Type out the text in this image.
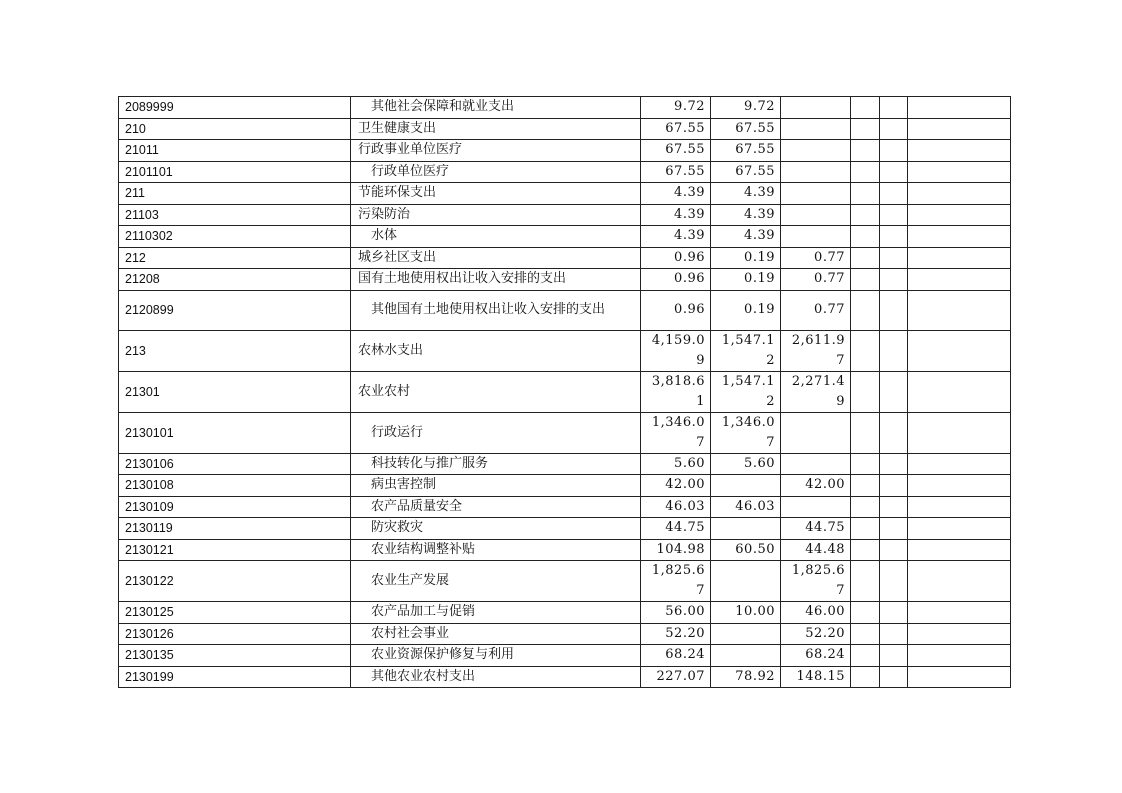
2089999	其他社会保障和就业支出	9.72	9.72				
210	卫生健康支出	67.55	67.55				
21011	行政事业单位医疗	67.55	67.55				
2101101	行政单位医疗	67.55	67.55				
211	节能环保支出	4.39	4.39				
21103	污染防治	4.39	4.39				
2110302	水体	4.39	4.39				
212	城乡社区支出	0.96	0.19	0.77			
21208	国有土地使用权出让收入安排的支出	0.96	0.19	0.77			
2120899	其他国有土地使用权出让收入安排的支出	0.96	0.19	0.77			
213	农林水支出	4,159.09	1,547.12	2,611.97			
21301	农业农村	3,818.61	1,547.12	2,271.49			
2130101	行政运行	1,346.07	1,346.07				
2130106	科技转化与推广服务	5.60	5.60				
2130108	病虫害控制	42.00		42.00			
2130109	农产品质量安全	46.03	46.03				
2130119	防灾救灾	44.75		44.75			
2130121	农业结构调整补贴	104.98	60.50	44.48			
2130122	农业生产发展	1,825.67		1,825.67			
2130125	农产品加工与促销	56.00	10.00	46.00			
2130126	农村社会事业	52.20		52.20			
2130135	农业资源保护修复与利用	68.24		68.24			
2130199	其他农业农村支出	227.07	78.92	148.15			
